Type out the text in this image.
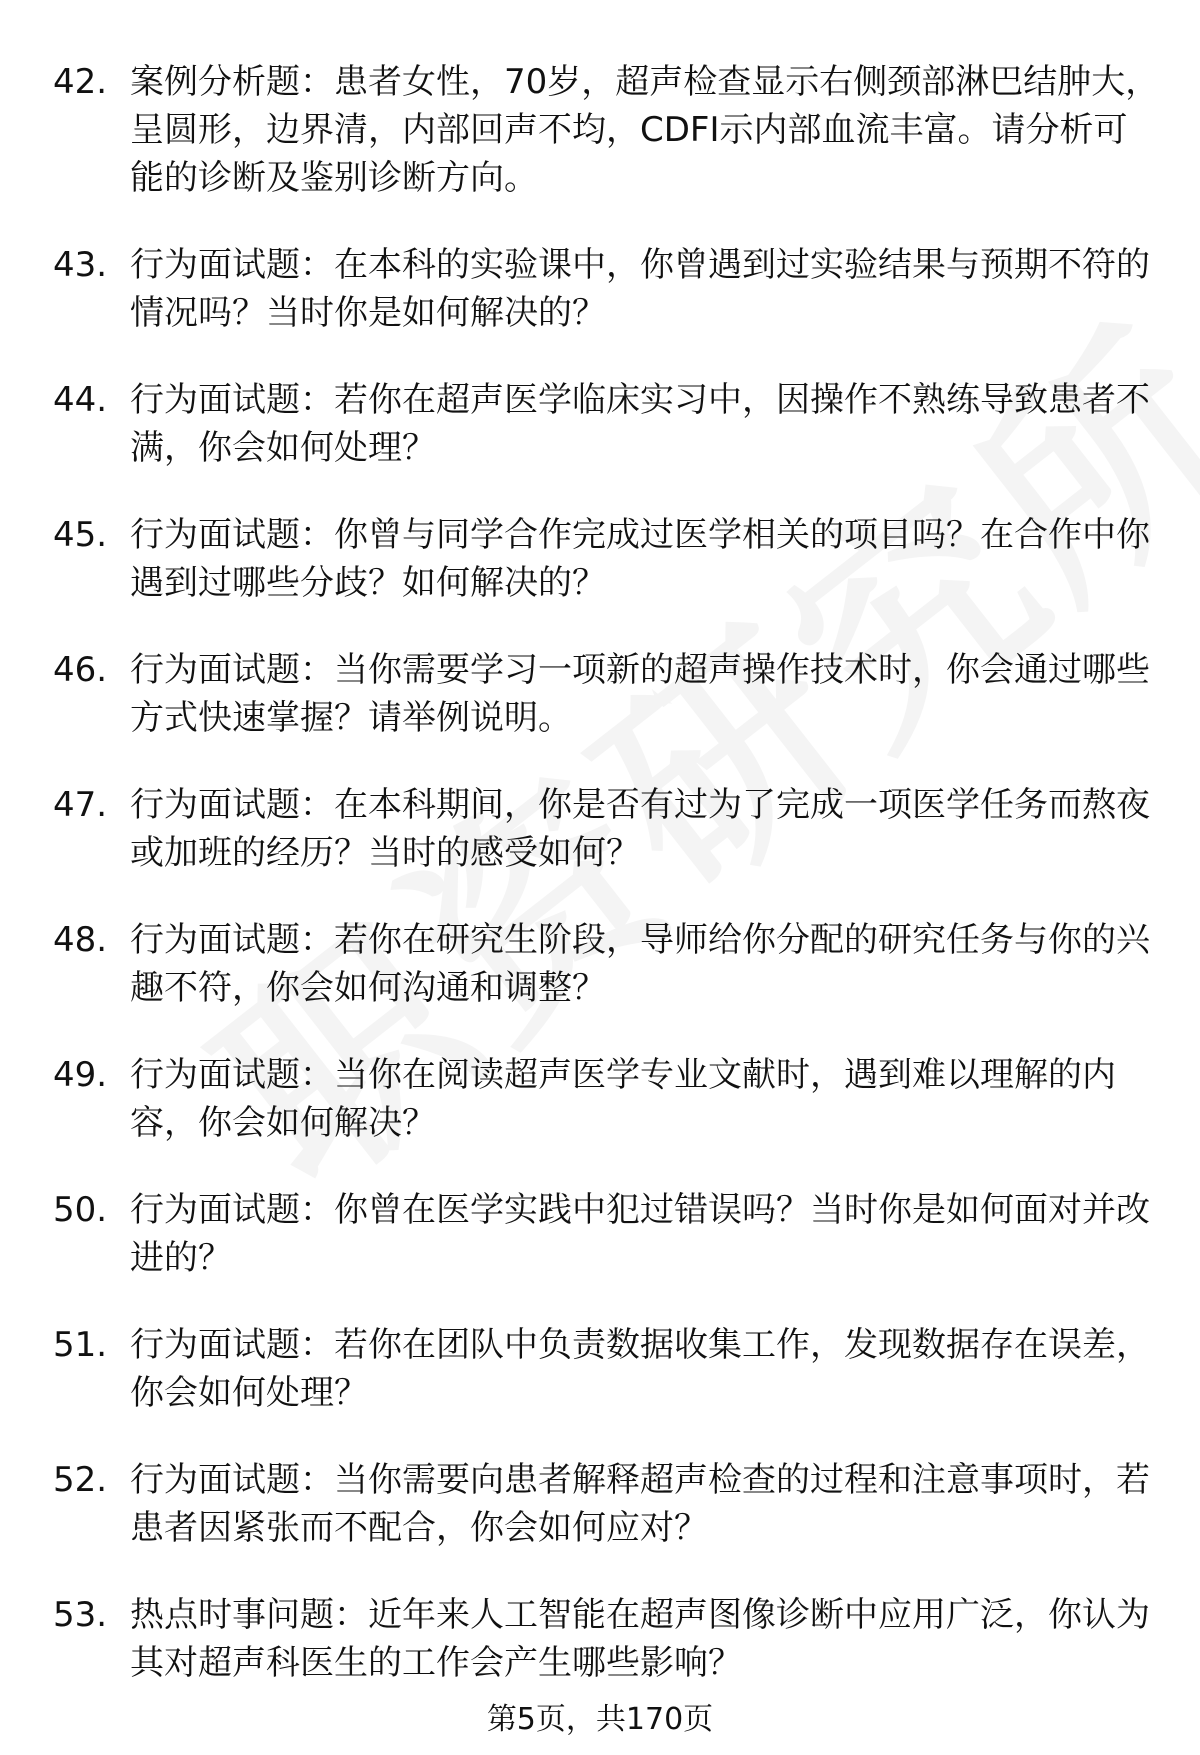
42. 案例分析题：患者女性，70岁，超声检查显示右侧颈部淋巴结肿大，呈圆形，边界清，内部回声不均，CDFI示内部血流丰富。请分析可能的诊断及鉴别诊断方向。
43. 行为面试题：在本科的实验课中，你曾遇到过实验结果与预期不符的情况吗？当时你是如何解决的？
44. 行为面试题：若你在超声医学临床实习中，因操作不熟练导致患者不满，你会如何处理？
45. 行为面试题：你曾与同学合作完成过医学相关的项目吗？在合作中你遇到过哪些分歧？如何解决的？
46. 行为面试题：当你需要学习一项新的超声操作技术时，你会通过哪些方式快速掌握？请举例说明。
47. 行为面试题：在本科期间，你是否有过为了完成一项医学任务而熬夜或加班的经历？当时的感受如何？
48. 行为面试题：若你在研究生阶段，导师给你分配的研究任务与你的兴趣不符，你会如何沟通和调整？
49. 行为面试题：当你在阅读超声医学专业文献时，遇到难以理解的内容，你会如何解决？
50. 行为面试题：你曾在医学实践中犯过错误吗？当时你是如何面对并改进的？
51. 行为面试题：若你在团队中负责数据收集工作，发现数据存在误差，你会如何处理？
52. 行为面试题：当你需要向患者解释超声检查的过程和注意事项时，若患者因紧张而不配合，你会如何应对？
53. 热点时事问题：近年来人工智能在超声图像诊断中应用广泛，你认为其对超声科医生的工作会产生哪些影响？
第5页，共170页
